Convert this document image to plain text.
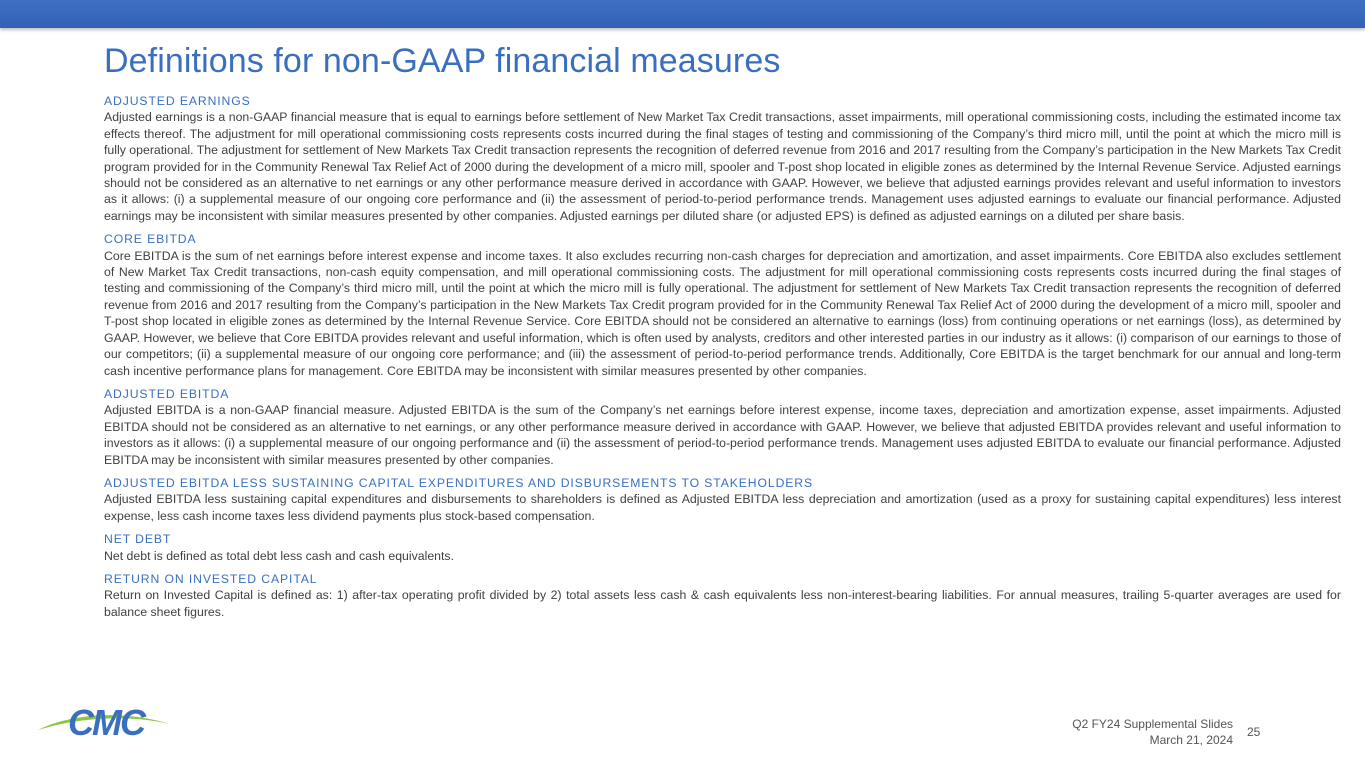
Definitions for non-GAAP financial measures
ADJUSTED EARNINGS

Adjusted earnings is a non-GAAP financial measure that is equal to earnings before settlement of New Market Tax Credit transactions, asset impairments, mill operational commissioning costs, including the estimated income tax effects thereof. The adjustment for mill operational commissioning costs represents costs incurred during the final stages of testing and commissioning of the Company’s third micro mill, until the point at which the micro mill is fully operational. The adjustment for settlement of New Markets Tax Credit transaction represents the recognition of deferred revenue from 2016 and 2017 resulting from the Company’s participation in the New Markets Tax Credit program provided for in the Community Renewal Tax Relief Act of 2000 during the development of a micro mill, spooler and T-post shop located in eligible zones as determined by the Internal Revenue Service. Adjusted earnings should not be considered as an alternative to net earnings or any other performance measure derived in accordance with GAAP. However, we believe that adjusted earnings provides relevant and useful information to investors as it allows: (i) a supplemental measure of our ongoing core performance and (ii) the assessment of period-to-period performance trends. Management uses adjusted earnings to evaluate our financial performance. Adjusted earnings may be inconsistent with similar measures presented by other companies. Adjusted earnings per diluted share (or adjusted EPS) is defined as adjusted earnings on a diluted per share basis.

CORE EBITDA

Core EBITDA is the sum of net earnings before interest expense and income taxes. It also excludes recurring non-cash charges for depreciation and amortization, and asset impairments. Core EBITDA also excludes settlement of New Market Tax Credit transactions, non-cash equity compensation, and mill operational commissioning costs. The adjustment for mill operational commissioning costs represents costs incurred during the final stages of testing and commissioning of the Company’s third micro mill, until the point at which the micro mill is fully operational. The adjustment for settlement of New Markets Tax Credit transaction represents the recognition of deferred revenue from 2016 and 2017 resulting from the Company’s participation in the New Markets Tax Credit program provided for in the Community Renewal Tax Relief Act of 2000 during the development of a micro mill, spooler and T-post shop located in eligible zones as determined by the Internal Revenue Service. Core EBITDA should not be considered an alternative to earnings (loss) from continuing operations or net earnings (loss), as determined by GAAP. However, we believe that Core EBITDA provides relevant and useful information, which is often used by analysts, creditors and other interested parties in our industry as it allows: (i) comparison of our earnings to those of our competitors; (ii) a supplemental measure of our ongoing core performance; and (iii) the assessment of period-to-period performance trends. Additionally, Core EBITDA is the target benchmark for our annual and long-term cash incentive performance plans for management. Core EBITDA may be inconsistent with similar measures presented by other companies.

ADJUSTED EBITDA

Adjusted EBITDA is a non-GAAP financial measure. Adjusted EBITDA is the sum of the Company’s net earnings before interest expense, income taxes, depreciation and amortization expense, asset impairments. Adjusted EBITDA should not be considered as an alternative to net earnings, or any other performance measure derived in accordance with GAAP. However, we believe that adjusted EBITDA provides relevant and useful information to investors as it allows: (i) a supplemental measure of our ongoing performance and (ii) the assessment of period-to-period performance trends. Management uses adjusted EBITDA to evaluate our financial performance. Adjusted EBITDA may be inconsistent with similar measures presented by other companies.

ADJUSTED EBITDA LESS SUSTAINING CAPITAL EXPENDITURES AND DISBURSEMENTS TO STAKEHOLDERS

Adjusted EBITDA less sustaining capital expenditures and disbursements to shareholders is defined as Adjusted EBITDA less depreciation and amortization (used as a proxy for sustaining capital expenditures) less interest expense, less cash income taxes less dividend payments plus stock-based compensation.

NET DEBT

Net debt is defined as total debt less cash and cash equivalents.

RETURN ON INVESTED CAPITAL

Return on Invested Capital is defined as: 1) after-tax operating profit divided by 2) total assets less cash & cash equivalents less non-interest-bearing liabilities. For annual measures, trailing 5-quarter averages are used for balance sheet figures.

CMC	Q2 FY24 Supplemental Slides
March 21, 2024
25
